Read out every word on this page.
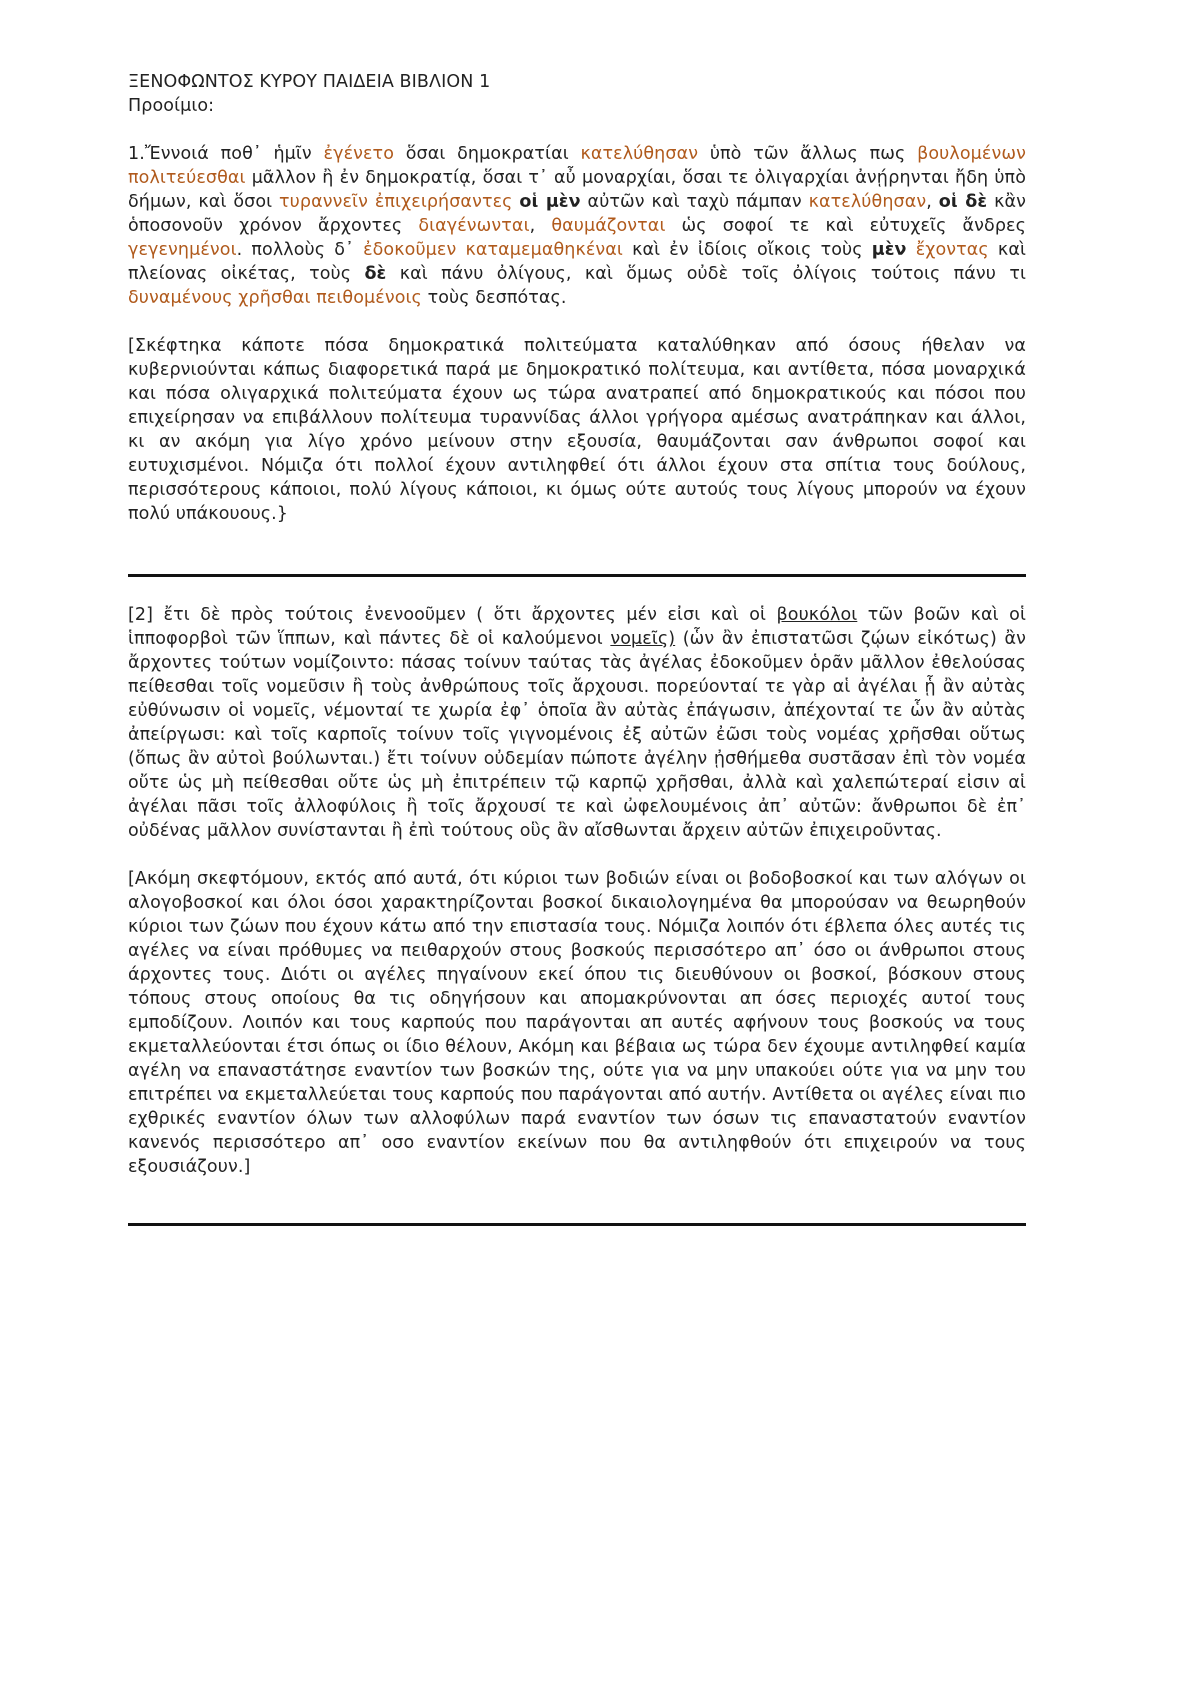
ΞΕΝΟΦΩΝΤΟΣ ΚΥΡΟΥ ΠΑΙΔΕΙΑ ΒΙΒΛΙΟΝ 1
Προοίμιο:

1.Ἔννοιά ποθ᾽ ἡμῖν ἐγένετο ὅσαι δημοκρατίαι κατελύθησαν ὑπὸ τῶν ἄλλως πως βουλομένων πολιτεύεσθαι μᾶλλον ἢ ἐν δημοκρατίᾳ, ὅσαι τ᾽ αὖ μοναρχίαι, ὅσαι τε ὀλιγαρχίαι ἀνῄρηνται ἤδη ὑπὸ δήμων, καὶ ὅσοι τυραννεῖν ἐπιχειρήσαντες οἱ μὲν αὐτῶν καὶ ταχὺ πάμπαν κατελύθησαν, οἱ δὲ κἂν ὁποσονοῦν χρόνον ἄρχοντες διαγένωνται, θαυμάζονται ὡς σοφοί τε καὶ εὐτυχεῖς ἄνδρες γεγενημένοι. πολλοὺς δ᾽ ἐδοκοῦμεν καταμεμαθηκέναι καὶ ἐν ἰδίοις οἴκοις τοὺς μὲν ἔχοντας καὶ πλείονας οἰκέτας, τοὺς δὲ καὶ πάνυ ὀλίγους, καὶ ὅμως οὐδὲ τοῖς ὀλίγοις τούτοις πάνυ τι δυναμένους χρῆσθαι πειθομένοις τοὺς δεσπότας.

[Σκέφτηκα κάποτε πόσα δημοκρατικά πολιτεύματα καταλύθηκαν από όσους ήθελαν να κυβερνιούνται κάπως διαφορετικά παρά με δημοκρατικό πολίτευμα, και αντίθετα, πόσα μοναρχικά και πόσα ολιγαρχικά πολιτεύματα έχουν ως τώρα ανατραπεί από δημοκρατικούς και πόσοι που επιχείρησαν να επιβάλλουν πολίτευμα τυραννίδας άλλοι γρήγορα αμέσως ανατράπηκαν και άλλοι, κι αν ακόμη για λίγο χρόνο μείνουν στην εξουσία, θαυμάζονται σαν άνθρωποι σοφοί και ευτυχισμένοι. Νόμιζα ότι πολλοί έχουν αντιληφθεί ότι άλλοι έχουν στα σπίτια τους δούλους, περισσότερους κάποιοι, πολύ λίγους κάποιοι, κι όμως ούτε αυτούς τους λίγους μπορούν να έχουν πολύ υπάκουους.}

[2] ἔτι δὲ πρὸς τούτοις ἐνενοοῦμεν ( ὅτι ἄρχοντες μέν εἰσι καὶ οἱ βουκόλοι τῶν βοῶν καὶ οἱ ἱπποφορβοὶ τῶν ἵππων, καὶ πάντες δὲ οἱ καλούμενοι νομεῖς) (ὧν ἂν ἐπιστατῶσι ζῴων εἰκότως) ἂν ἄρχοντες τούτων νομίζοιντο: πάσας τοίνυν ταύτας τὰς ἀγέλας ἐδοκοῦμεν ὁρᾶν μᾶλλον ἐθελούσας πείθεσθαι τοῖς νομεῦσιν ἢ τοὺς ἀνθρώπους τοῖς ἄρχουσι. πορεύονταί τε γὰρ αἱ ἀγέλαι ᾗ ἂν αὐτὰς εὐθύνωσιν οἱ νομεῖς, νέμονταί τε χωρία ἐφ᾽ ὁποῖα ἂν αὐτὰς ἐπάγωσιν, ἀπέχονταί τε ὧν ἂν αὐτὰς ἀπείργωσι: καὶ τοῖς καρποῖς τοίνυν τοῖς γιγνομένοις ἐξ αὐτῶν ἐῶσι τοὺς νομέας χρῆσθαι οὕτως (ὅπως ἂν αὐτοὶ βούλωνται.) ἔτι τοίνυν οὐδεμίαν πώποτε ἀγέλην ᾐσθήμεθα συστᾶσαν ἐπὶ τὸν νομέα οὔτε ὡς μὴ πείθεσθαι οὔτε ὡς μὴ ἐπιτρέπειν τῷ καρπῷ χρῆσθαι, ἀλλὰ καὶ χαλεπώτεραί εἰσιν αἱ ἀγέλαι πᾶσι τοῖς ἀλλοφύλοις ἢ τοῖς ἄρχουσί τε καὶ ὠφελουμένοις ἀπ᾽ αὐτῶν: ἄνθρωποι δὲ ἐπ᾽ οὐδένας μᾶλλον συνίστανται ἢ ἐπὶ τούτους οὓς ἂν αἴσθωνται ἄρχειν αὐτῶν ἐπιχειροῦντας.

[Ακόμη σκεφτόμουν, εκτός από αυτά, ότι κύριοι των βοδιών είναι οι βοδοβοσκοί και των αλόγων οι αλογοβοσκοί και όλοι όσοι χαρακτηρίζονται βοσκοί δικαιολογημένα θα μπορούσαν να θεωρηθούν κύριοι των ζώων που έχουν κάτω από την επιστασία τους. Νόμιζα λοιπόν ότι έβλεπα όλες αυτές τις αγέλες να είναι πρόθυμες να πειθαρχούν στους βοσκούς περισσότερο απ᾽ όσο οι άνθρωποι στους άρχοντες τους. Διότι οι αγέλες πηγαίνουν εκεί όπου τις διευθύνουν οι βοσκοί, βόσκουν στους τόπους στους οποίους θα τις οδηγήσουν και απομακρύνονται απ όσες περιοχές αυτοί τους εμποδίζουν. Λοιπόν και τους καρπούς που παράγονται απ αυτές αφήνουν τους βοσκούς να τους εκμεταλλεύονται έτσι όπως οι ίδιο θέλουν, Ακόμη και βέβαια ως τώρα δεν έχουμε αντιληφθεί καμία αγέλη να επαναστάτησε εναντίον των βοσκών της, ούτε για να μην υπακούει ούτε για να μην του επιτρέπει να εκμεταλλεύεται τους καρπούς που παράγονται από αυτήν. Αντίθετα οι αγέλες είναι πιο εχθρικές εναντίον όλων των αλλοφύλων παρά εναντίον των όσων τις επαναστατούν εναντίον κανενός περισσότερο απ᾽ οσο εναντίον εκείνων που θα αντιληφθούν ότι επιχειρούν να τους εξουσιάζουν.]
